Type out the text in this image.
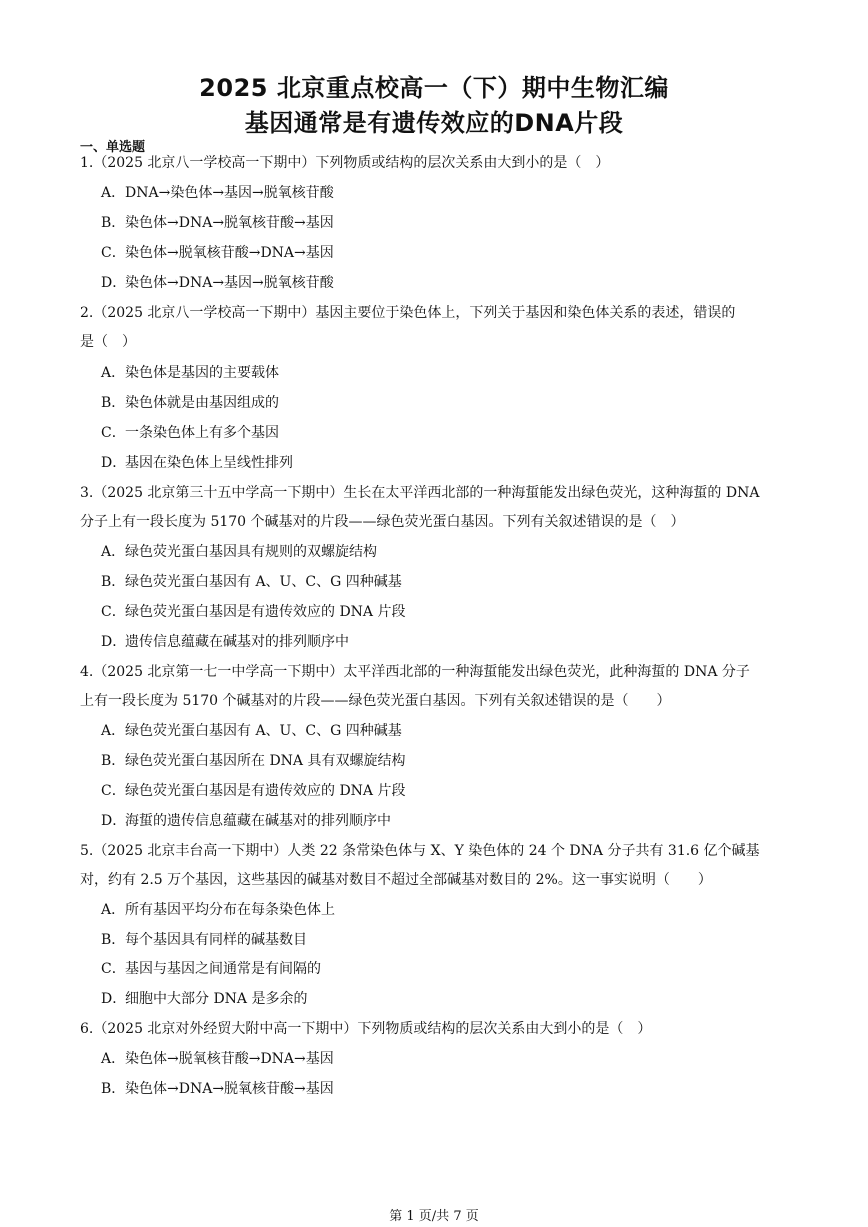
2025 北京重点校高一（下）期中生物汇编
基因通常是有遗传效应的DNA片段
一、单选题
1.（2025 北京八一学校高一下期中）下列物质或结构的层次关系由大到小的是（　）
A．DNA→染色体→基因→脱氧核苷酸
B．染色体→DNA→脱氧核苷酸→基因
C．染色体→脱氧核苷酸→DNA→基因
D．染色体→DNA→基因→脱氧核苷酸
2.（2025 北京八一学校高一下期中）基因主要位于染色体上，下列关于基因和染色体关系的表述，错误的
是（　）
A．染色体是基因的主要载体
B．染色体就是由基因组成的
C．一条染色体上有多个基因
D．基因在染色体上呈线性排列
3.（2025 北京第三十五中学高一下期中）生长在太平洋西北部的一种海蜇能发出绿色荧光，这种海蜇的 DNA
分子上有一段长度为 5170 个碱基对的片段——绿色荧光蛋白基因。下列有关叙述错误的是（　）
A．绿色荧光蛋白基因具有规则的双螺旋结构
B．绿色荧光蛋白基因有 A、U、C、G 四种碱基
C．绿色荧光蛋白基因是有遗传效应的 DNA 片段
D．遗传信息蕴藏在碱基对的排列顺序中
4.（2025 北京第一七一中学高一下期中）太平洋西北部的一种海蜇能发出绿色荧光，此种海蜇的 DNA 分子
上有一段长度为 5170 个碱基对的片段——绿色荧光蛋白基因。下列有关叙述错误的是（　　）
A．绿色荧光蛋白基因有 A、U、C、G 四种碱基
B．绿色荧光蛋白基因所在 DNA 具有双螺旋结构
C．绿色荧光蛋白基因是有遗传效应的 DNA 片段
D．海蜇的遗传信息蕴藏在碱基对的排列顺序中
5.（2025 北京丰台高一下期中）人类 22 条常染色体与 X、Y 染色体的 24 个 DNA 分子共有 31.6 亿个碱基
对，约有 2.5 万个基因，这些基因的碱基对数目不超过全部碱基对数目的 2%。这一事实说明（　　）
A．所有基因平均分布在每条染色体上
B．每个基因具有同样的碱基数目
C．基因与基因之间通常是有间隔的
D．细胞中大部分 DNA 是多余的
6.（2025 北京对外经贸大附中高一下期中）下列物质或结构的层次关系由大到小的是（　）
A．染色体→脱氧核苷酸→DNA→基因
B．染色体→DNA→脱氧核苷酸→基因
第 1 页/共 7 页
